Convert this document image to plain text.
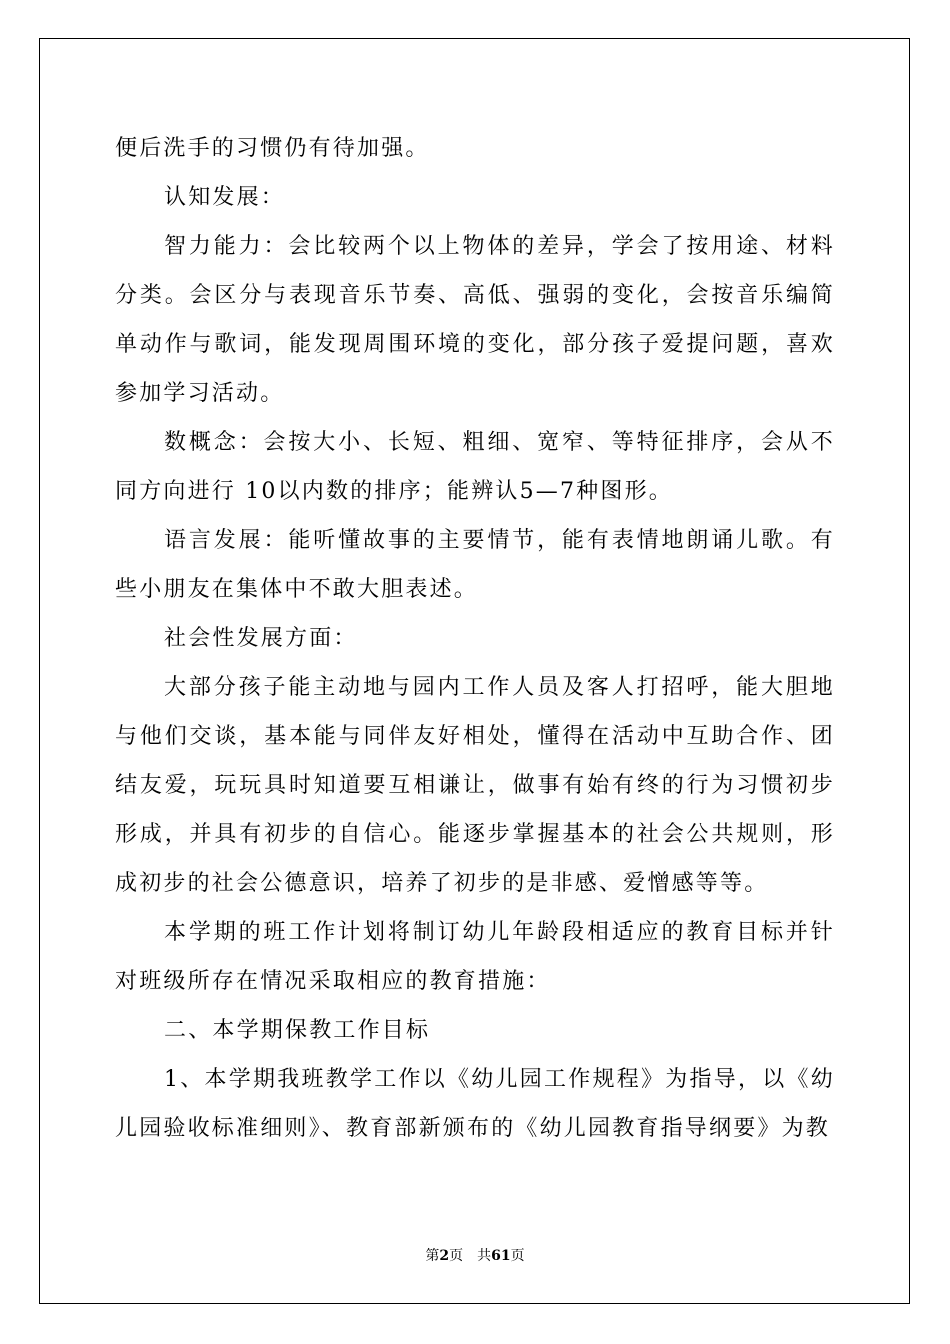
便后洗手的习惯仍有待加强。

认知发展：

智力能力：会比较两个以上物体的差异，学会了按用途、材料分类。会区分与表现音乐节奏、高低、强弱的变化，会按音乐编简单动作与歌词，能发现周围环境的变化，部分孩子爱提问题，喜欢参加学习活动。

数概念：会按大小、长短、粗细、宽窄、等特征排序，会从不同方向进行 10以内数的排序；能辨认5—7种图形。

语言发展：能听懂故事的主要情节，能有表情地朗诵儿歌。有些小朋友在集体中不敢大胆表述。

社会性发展方面：

大部分孩子能主动地与园内工作人员及客人打招呼，能大胆地与他们交谈，基本能与同伴友好相处，懂得在活动中互助合作、团结友爱，玩玩具时知道要互相谦让，做事有始有终的行为习惯初步形成，并具有初步的自信心。能逐步掌握基本的社会公共规则，形成初步的社会公德意识，培养了初步的是非感、爱憎感等等。

本学期的班工作计划将制订幼儿年龄段相适应的教育目标并针对班级所存在情况采取相应的教育措施：

二、本学期保教工作目标

1、本学期我班教学工作以《幼儿园工作规程》为指导，以《幼儿园验收标准细则》、教育部新颁布的《幼儿园教育指导纲要》为教

第2页 共61页
